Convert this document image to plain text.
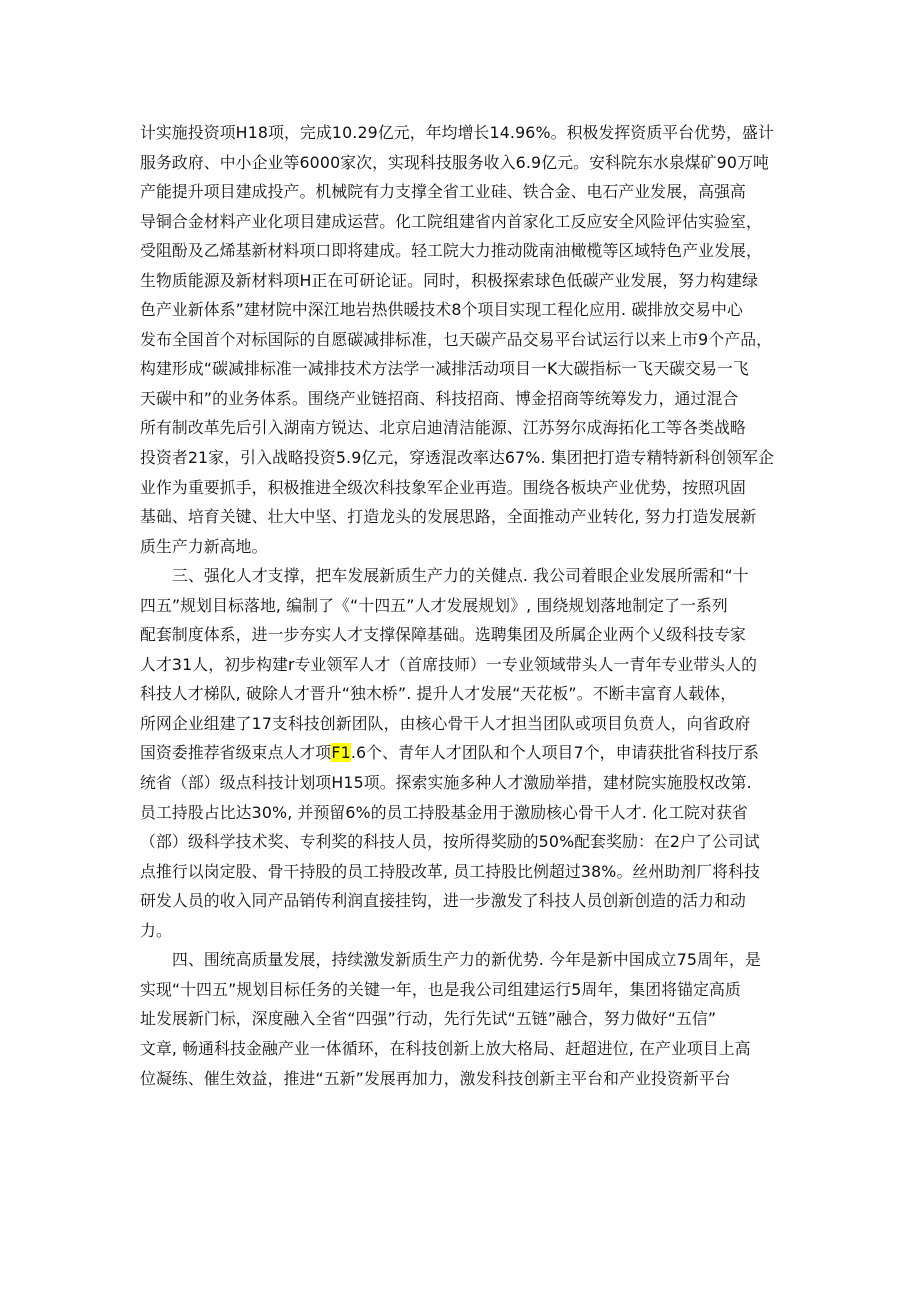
计实施投资项H18项，完成10.29亿元，年均增长14.96%。积极发挥资质平台优势，盛计
服务政府、中小企业等6000家次，实现科技服务收入6.9亿元。安科院东水泉煤矿90万吨
产能提升项目建成投产。机械院有力支撑全省工业硅、铁合金、电石产业发展，高强高
导铜合金材料产业化项目建成运营。化工院组建省内首家化工反应安全风险评估实验室，
受阻酚及乙烯基新材料项口即将建成。轻工院大力推动陇南油橄榄等区域特色产业发展，
生物质能源及新材料项H正在可研论证。同时，积极探索球色低碳产业发展，努力构建绿
色产业新体系”建材院中深江地岩热供暖技术8个项目实现工程化应用. 碳排放交易中心
发布全国首个对标国际的自愿碳减排标准，乜天碳产品交易平台试运行以来上市9个产品，
构建形成“碳减排标准一减排技术方法学一减排活动项目一K大碳指标一飞天碳交易一飞
天碳中和”的业务体系。围绕产业链招商、科技招商、博金招商等统筹发力，通过混合
所有制改革先后引入湖南方锐达、北京启迪清洁能源、江苏努尔成海拓化工等各类战略
投资者21家，引入战略投资5.9亿元，穿透混改率达67%. 集团把打造专精特新科创领军企
业作为重要抓手，积极推进全级次科技象军企业再造。围绕各板块产业优势，按照巩固
基础、培育关键、壮大中坚、打造龙头的发展思路，全面推动产业转化, 努力打造发展新
质生产力新高地。
三、强化人才支撑，把车发展新质生产力的关健点. 我公司着眼企业发展所需和“十
四五”规划目标落地, 编制了《“十四五”人才发展规划》, 围绕规划落地制定了一系列
配套制度体系，进一步夯实人才支撑保障基础。选聘集团及所属企业两个乂级科技专家
人才31人，初步构建r专业领军人才（首席技师）一专业领域带头人一青年专业带头人的
科技人才梯队, 破除人才晋升“独木桥”. 提升人才发展“天花板”。不断丰富育人载体，
所网企业组建了17支科技创新团队，由核心骨干人才担当团队或项目负贲人，向省政府
国资委推荐省级束点人才项F1.6个、青年人才团队和个人项目7个，申请获批省科技厅系
统省（部）级点科技计划项H15项。探索实施多种人才激励举措，建材院实施股权改第.
员工持股占比达30%, 并预留6%的员工持股基金用于激励核心骨干人才. 化工院对获省
（部）级科学技术奖、专利奖的科技人员，按所得奖励的50%配套奖励：在2户了公司试
点推行以岗定股、骨干持股的员工持股改革, 员工持股比例超过38%。丝州助剂厂将科技
研发人员的收入同产品销传利润直接挂钩，进一步激发了科技人员创新创造的活力和动
力。
四、围统高质量发展，持续激发新质生产力的新优势. 今年是新中国成立75周年，是
实现“十四五”规划目标任务的关键一年，也是我公司组建运行5周年，集团将锚定高质
址发展新门标，深度融入全省“四强”行动，先行先试“五链”融合，努力做好“五信”
文章, 畅通科技金融产业一体循环，在科技创新上放大格局、赶超进位, 在产业项目上高
位凝练、催生效益，推进“五新”发展再加力，激发科技创新主平台和产业投资新平台
